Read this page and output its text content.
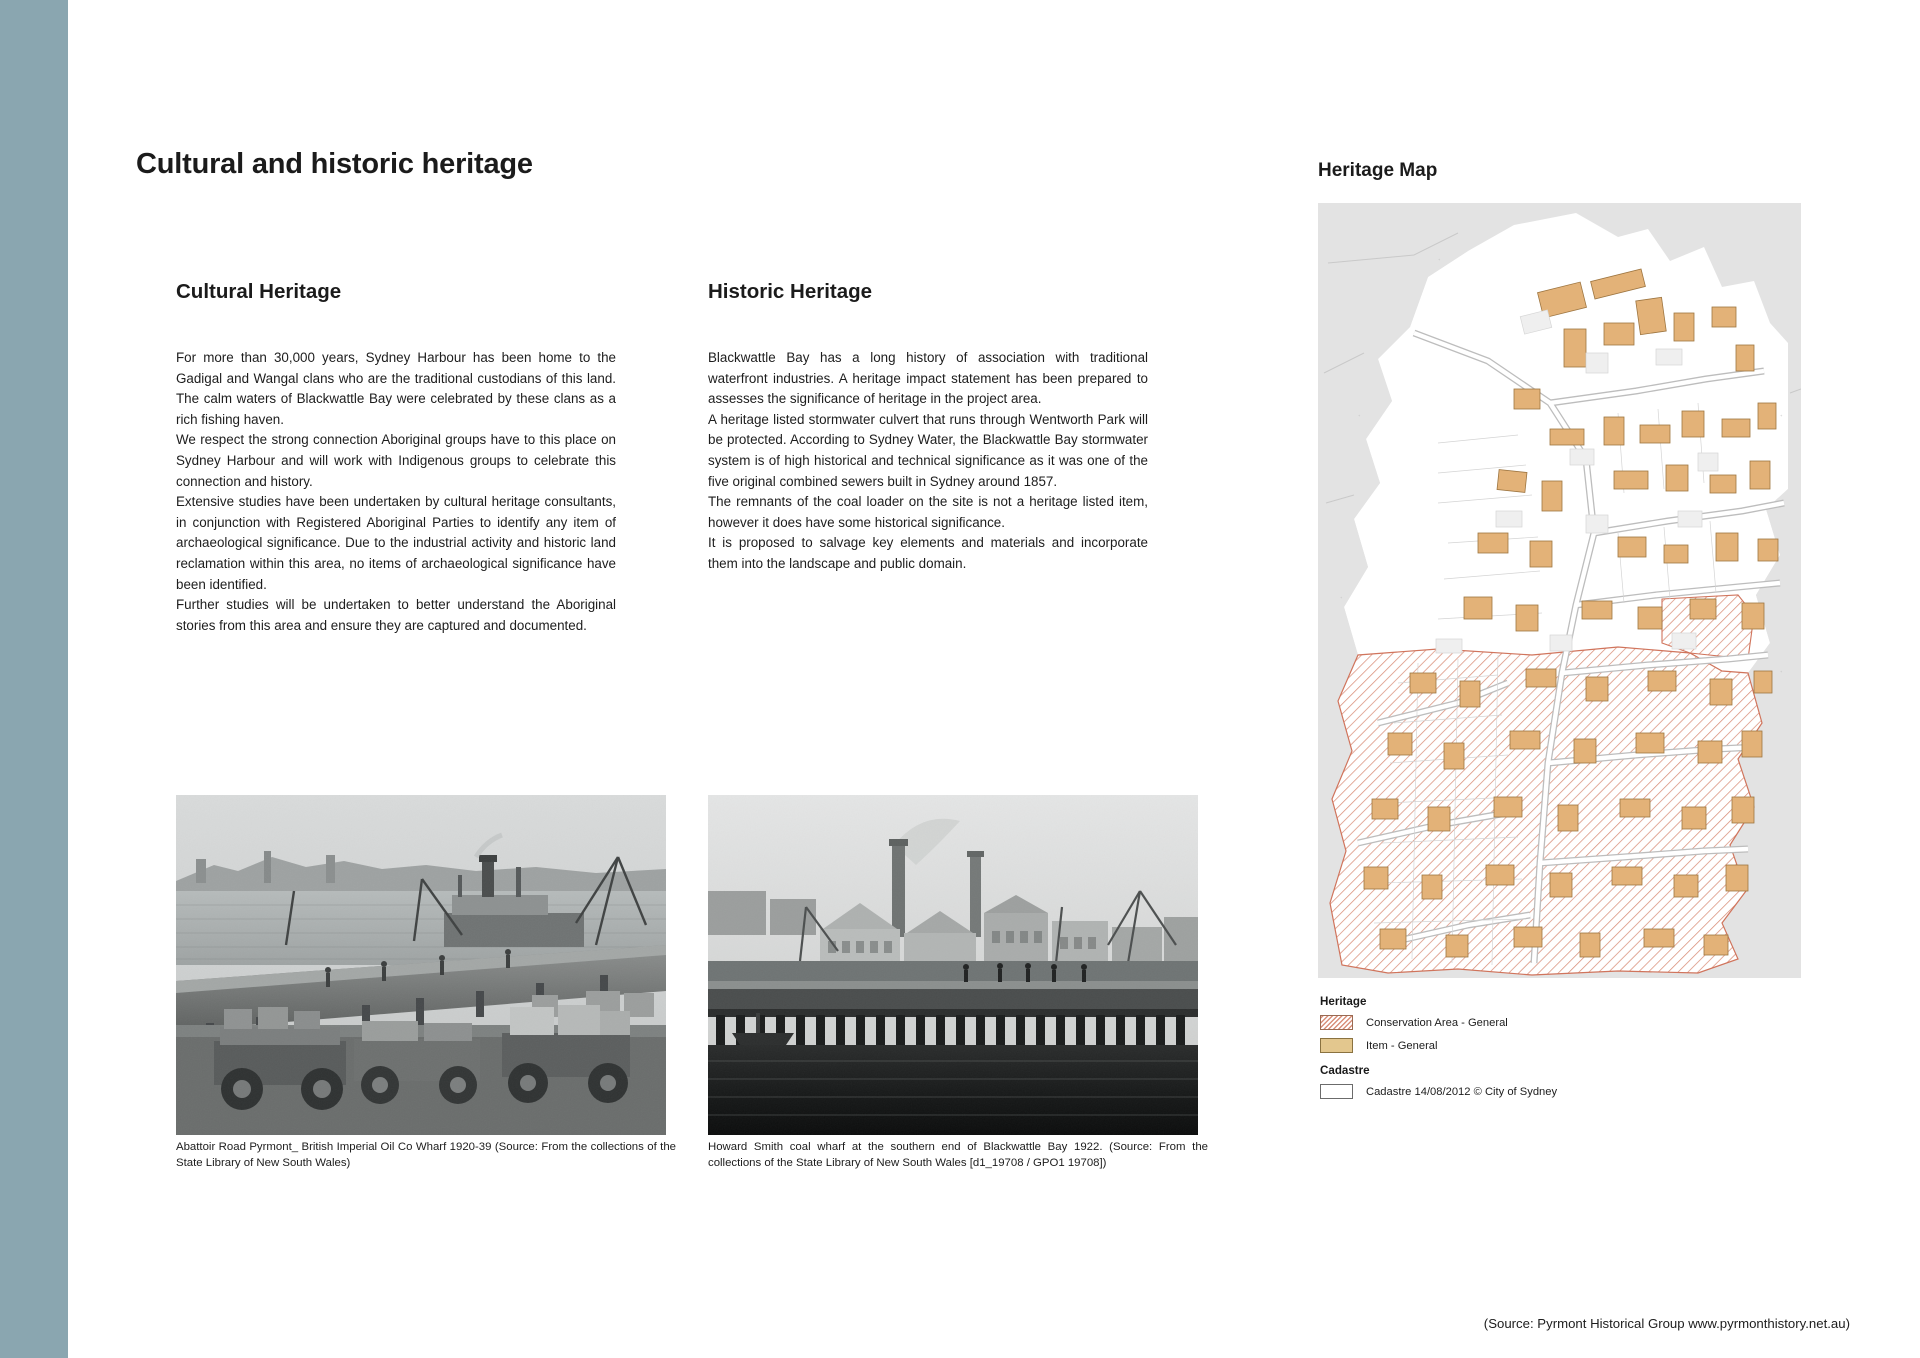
Cultural and historic heritage
Cultural Heritage

For more than 30,000 years, Sydney Harbour has been home to the Gadigal and Wangal clans who are the traditional custodians of this land. The calm waters of Blackwattle Bay were celebrated by these clans as a rich fishing haven.

We respect the strong connection Aboriginal groups have to this place on Sydney Harbour and will work with Indigenous groups to celebrate this connection and history.

Extensive studies have been undertaken by cultural heritage consultants, in conjunction with Registered Aboriginal Parties to identify any item of archaeological significance. Due to the industrial activity and historic land reclamation within this area, no items of archaeological significance have been identified.

Further studies will be undertaken to better understand the Aboriginal stories from this area and ensure they are captured and documented.

Historic Heritage

Blackwattle Bay has a long history of association with traditional waterfront industries. A heritage impact statement has been prepared to assesses the significance of heritage in the project area.

A heritage listed stormwater culvert that runs through Wentworth Park will be protected. According to Sydney Water, the Blackwattle Bay stormwater system is of high historical and technical significance as it was one of the five original combined sewers built in Sydney around 1857.

The remnants of the coal loader on the site is not a heritage listed item, however it does have some historical significance.

It is proposed to salvage key elements and materials and incorporate them into the landscape and public domain.

Abattoir Road Pyrmont_ British Imperial Oil Co Wharf 1920-39 (Source: From the collections of the State Library of New South Wales)
Howard Smith coal wharf at the southern end of Blackwattle Bay 1922. (Source: From the collections of the State Library of New South Wales [d1_19708 / GPO1 19708])
Heritage Map
+
+
+
+
+
Heritage
Conservation Area - General
Item - General
Cadastre
Cadastre 14/08/2012 © City of Sydney
(Source: Pyrmont Historical Group www.pyrmonthistory.net.au)
